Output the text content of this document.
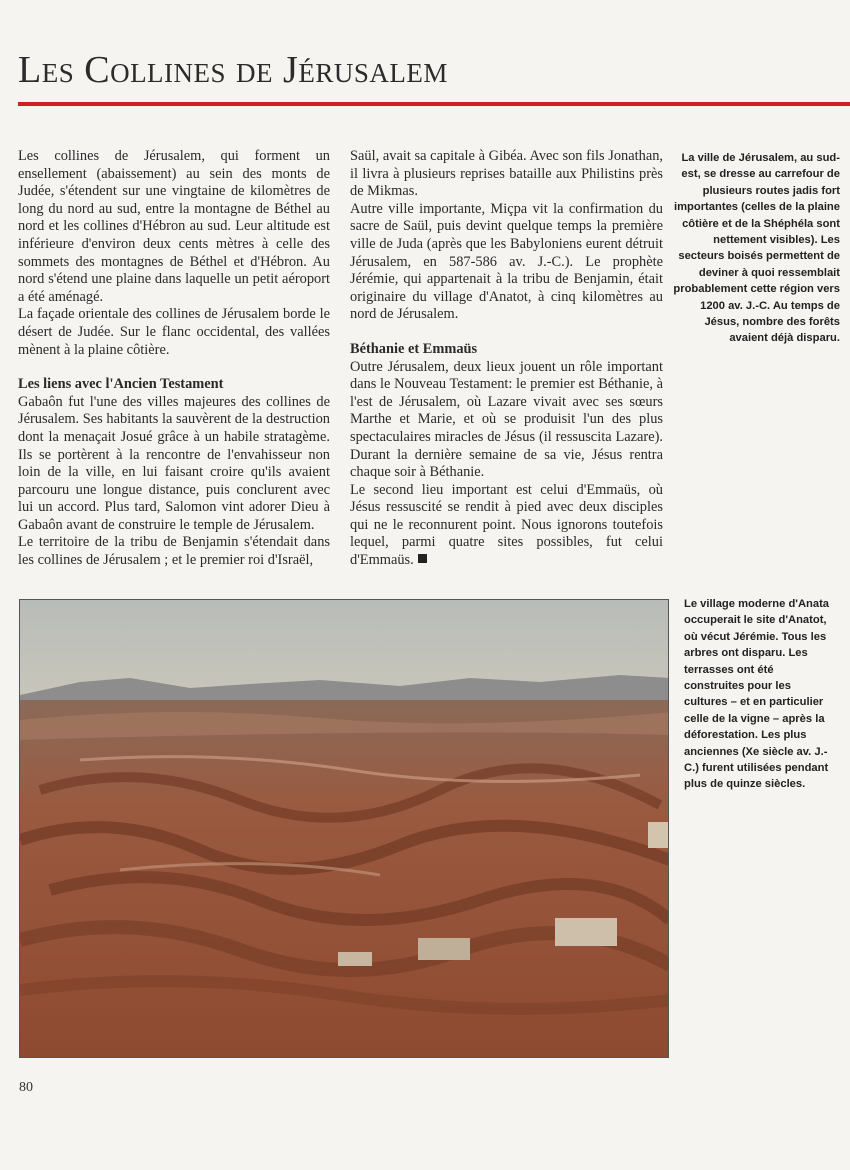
Les Collines de Jérusalem

Les collines de Jérusalem, qui forment un ensellement (abaissement) au sein des monts de Judée, s'étendent sur une vingtaine de kilomètres de long du nord au sud, entre la montagne de Béthel au nord et les collines d'Hébron au sud. Leur altitude est inférieure d'environ deux cents mètres à celle des sommets des montagnes de Béthel et d'Hébron. Au nord s'étend une plaine dans laquelle un petit aéroport a été aménagé.

La façade orientale des collines de Jérusalem borde le désert de Judée. Sur le flanc occidental, des vallées mènent à la plaine côtière.

Les liens avec l'Ancien Testament

Gabaôn fut l'une des villes majeures des collines de Jérusalem. Ses habitants la sauvèrent de la destruction dont la menaçait Josué grâce à un habile stratagème. Ils se portèrent à la rencontre de l'envahisseur non loin de la ville, en lui faisant croire qu'ils avaient parcouru une longue distance, puis conclurent avec lui un accord. Plus tard, Salomon vint adorer Dieu à Gabaôn avant de construire le temple de Jérusalem.

Le territoire de la tribu de Benjamin s'étendait dans les collines de Jérusalem ; et le premier roi d'Israël,

Saül, avait sa capitale à Gibéa. Avec son fils Jonathan, il livra à plusieurs reprises bataille aux Philistins près de Mikmas.

Autre ville importante, Miçpa vit la confirmation du sacre de Saül, puis devint quelque temps la première ville de Juda (après que les Babyloniens eurent détruit Jérusalem, en 587-586 av. J.-C.). Le prophète Jérémie, qui appartenait à la tribu de Benjamin, était originaire du village d'Anatot, à cinq kilomètres au nord de Jérusalem.

Béthanie et Emmaüs

Outre Jérusalem, deux lieux jouent un rôle important dans le Nouveau Testament: le premier est Béthanie, à l'est de Jérusalem, où Lazare vivait avec ses sœurs Marthe et Marie, et où se produisit l'un des plus spectaculaires miracles de Jésus (il ressuscita Lazare). Durant la dernière semaine de sa vie, Jésus rentra chaque soir à Béthanie.

Le second lieu important est celui d'Emmaüs, où Jésus ressuscité se rendit à pied avec deux disciples qui ne le reconnurent point. Nous ignorons toutefois lequel, parmi quatre sites possibles, fut celui d'Emmaüs.

La ville de Jérusalem, au sud-est, se dresse au carrefour de plusieurs routes jadis fort importantes (celles de la plaine côtière et de la Shéphéla sont nettement visibles). Les secteurs boisés permettent de deviner à quoi ressemblait probablement cette région vers 1200 av. J.-C. Au temps de Jésus, nombre des forêts avaient déjà disparu.
Le village moderne d'Anata occuperait le site d'Anatot, où vécut Jérémie. Tous les arbres ont disparu. Les terrasses ont été construites pour les cultures – et en particulier celle de la vigne – après la déforestation. Les plus anciennes (Xe siècle av. J.-C.) furent utilisées pendant plus de quinze siècles.
80
